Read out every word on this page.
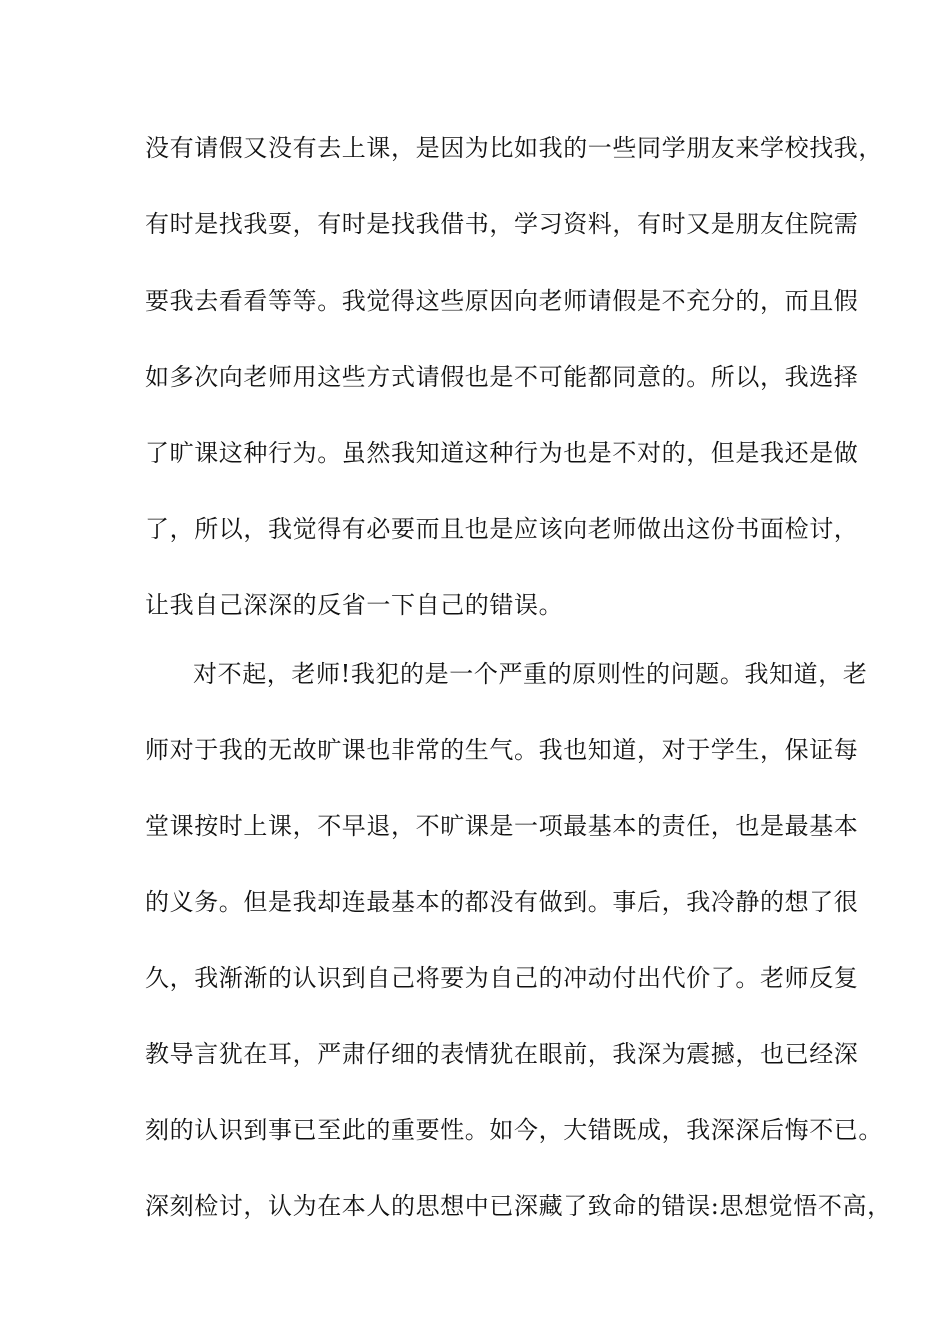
没有请假又没有去上课，是因为比如我的一些同学朋友来学校找我，
有时是找我耍，有时是找我借书，学习资料，有时又是朋友住院需
要我去看看等等。我觉得这些原因向老师请假是不充分的，而且假
如多次向老师用这些方式请假也是不可能都同意的。所以，我选择
了旷课这种行为。虽然我知道这种行为也是不对的，但是我还是做
了，所以，我觉得有必要而且也是应该向老师做出这份书面检讨，
让我自己深深的反省一下自己的错误。
对不起，老师!我犯的是一个严重的原则性的问题。我知道，老
师对于我的无故旷课也非常的生气。我也知道，对于学生，保证每
堂课按时上课，不早退，不旷课是一项最基本的责任，也是最基本
的义务。但是我却连最基本的都没有做到。事后，我冷静的想了很
久，我渐渐的认识到自己将要为自己的冲动付出代价了。老师反复
教导言犹在耳，严肃仔细的表情犹在眼前，我深为震撼，也已经深
刻的认识到事已至此的重要性。如今，大错既成，我深深后悔不已。
深刻检讨，认为在本人的思想中已深藏了致命的错误:思想觉悟不高，
